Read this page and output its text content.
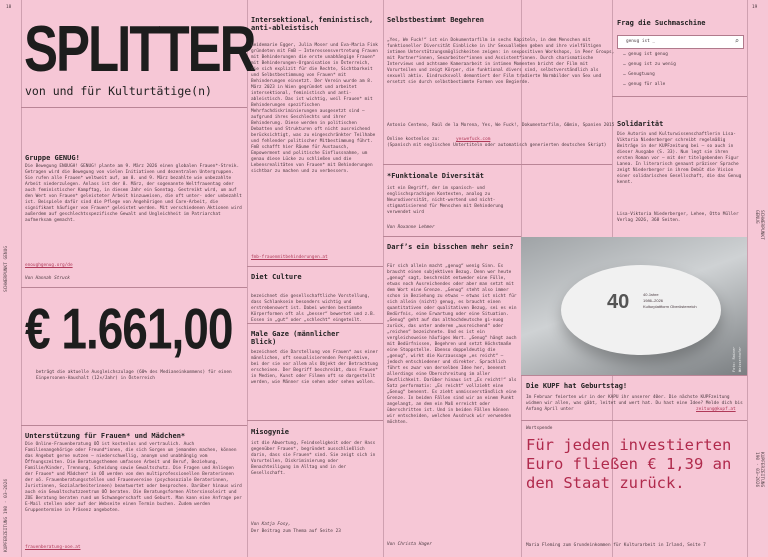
18	19
SCHWERPUNKT GENUG
KUPFERZEITUNG 190 · 03–2026
SCHWERPUNKT GENUG
KUPFERZEITUNG 190 · 03–2026
SPLITTER
von und für Kulturtätige(n)
Gruppe GENUG!
Die Bewegung ENOUGH! GENUG! plante am 9. März 2026 einen globalen Frauen*-Streik. Getragen wird die Bewegung von vielen Initiativen und dezentralen Untergruppen. Sie rufen alle Frauen* weltweit auf, am 8. und 9. März bezahlte wie unbezahlte Arbeit niederzulegen. Anlass ist der 8. März, der sogenannte Weltfrauentag oder auch feministischer Kampftag, in diesem Jahr ein Sonntag. Gestreikt wird, um auf den Wert von Frauen* geleisteter Arbeit hinzuweisen, die oft unter- oder unbezahlt ist. Beispiele dafür sind die Pflege von Angehörigen und Care-Arbeit, die signifikant häufiger von Frauen* geleistet werden. Mit verschiedenen Aktionen wird außerdem auf geschlechtsspezifische Gewalt und Ungleichheit im Patriarchat aufmerksam gemacht.
enoughgenug.org/de
Von Hannah Struck
€ 1.661,00
beträgt die aktuelle Ausgleichszulage (60% des Medianeinkommens) für einen Einpersonen-Haushalt (12×/Jahr) in Österreich
Unterstützung für Frauen* und Mädchen*
Die Online-Frauenberatung OÖ ist kostenlos und vertraulich. Auch Familienangehörige oder Freund*innen, die sich Sorgen um jemanden machen, können das Angebot gerne nutzen – niederschwellig, anonym und unabhängig vom Öffnungszeiten. Die Beratungsthemen umfassen Arbeit und Beruf, Beziehung, Familie/Kinder, Trennung, Scheidung sowie Gewaltschutz. Die Fragen und Anliegen der Frauen* und Mädchen* in OÖ werden von den multiprofessionellen Beraterinnen der oö. Frauenberatungsstellen und Frauenvereine (psychosoziale Beraterinnen, Juristinnen, Sozialarbeiterinnen) beantwortet oder besprochen. Darüber hinaus wird auch ein Gewaltschutzzentrum OÖ beraten. Die Beratungsformen Altersinsoleirt und ZOE Beratung beraten rund um Schwangerschaft und Geburt. Man kann eine Anfrage per E-Mail stellen oder auf der Webseite einen Termin buchen. Zudem werden Gruppentermine in Präsenz angeboten.
frauenberatung-ooe.at
Intersektional, feministisch, anti-ableistisch
Heidemarie Egger, Julia Moser und Eva-Maria Fink gründeten mit FmB – Interessensvertretung Frauen mit Behinderungen die erste unabhängige Frauen* mit Behinderungen-Organisation in Österreich, die sich explizit für die Rechte, Sichtbarkeit und Selbstbestimmung von Frauen* mit Behinderungen einsetzt. Der Verein wurde am 8. März 2023 in Wien gegründet und arbeitet intersektional, feministisch und anti-ableistisch. Das ist wichtig, weil Frauen* mit Behinderungen spezifischen Mehrfachdiskriminierungen ausgesetzt sind – aufgrund ihres Geschlechts und ihrer Behinderung. Diese werden in politischen Debatten und Strukturen oft nicht ausreichend berücksichtigt, was zu eingeschränkter Teilhabe und fehlender politischer Mitbestimmung führt. FmB schafft hier Räume für Austausch, Empowerment und politische Einflussnahme, um genau diese Lücke zu schließen und die Lebensrealitäten von Frauen* mit Behinderungen sichtbar zu machen und zu verbessern.
fmb-frauenmitbehinderungen.at
Diet Culture
bezeichnet die gesellschaftliche Vorstellung, dass Schlanksein besonders wichtig und erstrebenswert ist. Dabei werden bestimmte Körperformen oft als „besser“ bewertet und z.B. Essen in „gut“ oder „schlecht“ eingeteilt.
Male Gaze (männlicher Blick)
bezeichnet die Darstellung von Frauen* aus einer männlichen, oft sexualisierenden Perspektive, bei der sie vor allem als Objekt der Betrachtung erscheinen. Der Begriff beschreibt, dass Frauen* in Medien, Kunst oder Filmen oft so dargestellt werden, wie Männer sie sehen oder sehen wollen.
Misogynie
ist die Abwertung, Feindseligkeit oder der Hass gegenüber Frauen*, begründet ausschließlich darin, dass sie Frauen* sind. Sie zeigt sich in Vorurteilen, Diskriminierung oder Benachteiligung im Alltag und in der Gesellschaft.
Von Katja Fosy,
Der Beitrag zum Thema auf Seite 23
Selbstbestimmt Begehren
„Yes, We Fuck!“ ist ein Dokumentarfilm in sechs Kapiteln, in dem Menschen mit funktioneller Diversität Einblicke in ihr Sexualleben geben und ihre vielfältigen intimen Unterstützungsmöglichkeiten zeigen: in sexpositiven Workshops, in Peer Groups, mit Partner*innen, Sexarbeiter*innen und Assistent*innen. Durch charismatische Interviews und achtsame Kameraarbeit in intimen Momenten bricht der Film mit Vorurteilen und zeigt Körper, die funktional divers sind, selbstverständlich als sexuell aktiv. Eindrucksvoll demontiert der Film tradierte Normbilder von Sex und ersetzt sie durch selbstbestimmte Formen von Begierde.
Antonio Centeno, Raúl de la Morena, Yes, We Fuck!, Dokumentarfilm, 60min, Spanien 2015
Online kostenlos zu:	yeswefuck.com
(Spanisch mit englischen Untertiteln oder automatisch generierten deutschen Skript)
*Funktionale Diversität
ist ein Begriff, der im spanisch- und englischsprachigen Kontexten, analog zu Neurodiversität, nicht-wertend und nicht-stigmatisierend für Menschen mit Behinderung verwendet wird
Von Roxanne Lehmer
Darf’s ein bisschen mehr sein?
Für sich allein macht „genug“ wenig Sinn. Es braucht einen subjektiven Bezug. Denn wer heute „genug“ sagt, beschreibt entweder eine Fülle, etwas noch Ausreichendes oder aber man setzt mit dem Wort eine Grenze. „Genug“ steht also immer schon in Beziehung zu etwas – etwas ist nicht für sich allein (nicht) genug, es braucht einen quantitativen oder qualitativen Bezug, sei es ein Bedürfnis, eine Erwartung oder eine Situation. „Genug“ geht auf das althochdeutsche gi-nuog zurück, das unter anderem „ausreichend“ oder „reichen“ bezeichnete. Und es ist ein vergleichsweise häufiges Wort. „Genug“ hängt auch mit Bedürfnissen, Begehren und setzt Höchstmaße eine Stoppstelle. Ebenso doppeldeutig die „genug“, wirkt die Kurzaussage „es reicht“ – jedoch entschiedener und direkter. Sprachlich führt es zwar von derselben Idee her, benennt allerdings eine Überschreitung im aller Deutlichkeit. Darüber hinaus ist „Es reicht!“ als Satz performativ: „Es reicht“ vollzieht eine „Genug“ benennt. Es zieht unmissverständlich eine Grenze. In beiden Fällen sind wir an einem Punkt angelangt, an dem ein Maß erreicht oder überschritten ist. Und in beiden Fällen können wir entscheiden, welchen Ausdruck wir verwenden möchten.
Von Christa Hager
40	40 Jahre
1986–2026
Kulturplattform Oberösterreich
Foto: Rainer Weissenhofer
Frag die Suchmaschine
genug ist _	⌕
… genug ist genug
… genug ist zu wenig
… Genugtuung
… genug für alle
Solidarität
Die Autorin und Kulturwissenschaftlerin Lisa-Viktoria Niederberger schreibt regelmäßig Beiträge in der KUPFzeitung bei – so auch in dieser Ausgabe (S. 33). Nun legt sie ihren ersten Roman vor – mit der titelgebenden Figur Lanea. In literarisch genaunt präziser Sprache zeigt Niederberger in ihrem Debüt die Vision einer solidarischen Gesellschaft, die das Genug kennt.
Lisa-Viktoria Niederberger, Lehee, Otto Müller Verlag 2026, 368 Seiten.
Die KUPF hat Geburtstag!
Im Februar feierten wir in der KAPU ihr unserer 40er. Die nächste KUPFzeitung widmen wir allen, was gäbt, leitet und wert hat. Du hast eine Idee? Melde dich bis Anfang April unter	zeitung@kupf.at
Wortspende
Für jeden investierten Euro fließen € 1,39 an den Staat zurück.
Maria Fleming zum Grundeinkommen für Kulturarbeit in Irland, Seite 7
